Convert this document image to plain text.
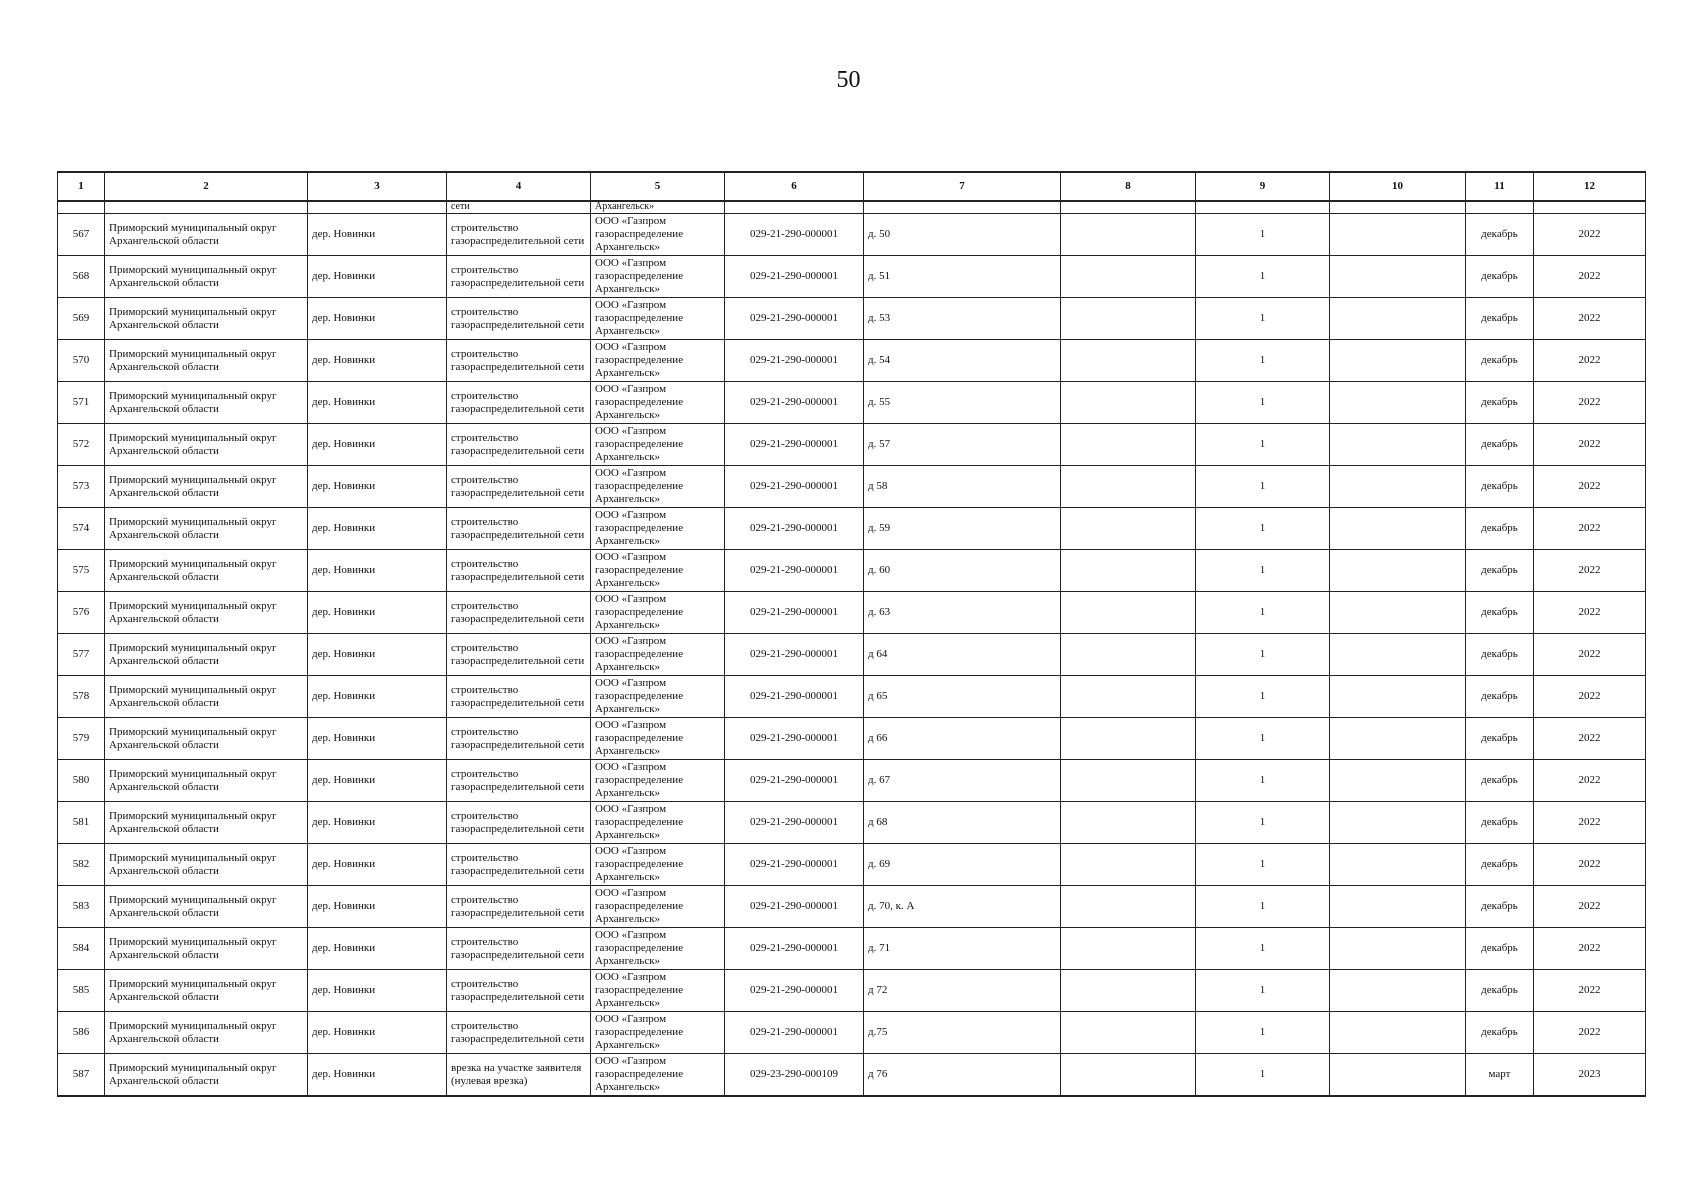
50
1	2	3	4	5	6	7	8	9	10	11	12
			сети	Архангельск»							
567	Приморский муниципальный округ Архангельской области	дер. Новинки	строительство газораспределительной сети	ООО «Газпром газораспределение Архангельск»	029-21-290-000001	д. 50		1		декабрь	2022
568	Приморский муниципальный округ Архангельской области	дер. Новинки	строительство газораспределительной сети	ООО «Газпром газораспределение Архангельск»	029-21-290-000001	д. 51		1		декабрь	2022
569	Приморский муниципальный округ Архангельской области	дер. Новинки	строительство газораспределительной сети	ООО «Газпром газораспределение Архангельск»	029-21-290-000001	д. 53		1		декабрь	2022
570	Приморский муниципальный округ Архангельской области	дер. Новинки	строительство газораспределительной сети	ООО «Газпром газораспределение Архангельск»	029-21-290-000001	д. 54		1		декабрь	2022
571	Приморский муниципальный округ Архангельской области	дер. Новинки	строительство газораспределительной сети	ООО «Газпром газораспределение Архангельск»	029-21-290-000001	д. 55		1		декабрь	2022
572	Приморский муниципальный округ Архангельской области	дер. Новинки	строительство газораспределительной сети	ООО «Газпром газораспределение Архангельск»	029-21-290-000001	д. 57		1		декабрь	2022
573	Приморский муниципальный округ Архангельской области	дер. Новинки	строительство газораспределительной сети	ООО «Газпром газораспределение Архангельск»	029-21-290-000001	д 58		1		декабрь	2022
574	Приморский муниципальный округ Архангельской области	дер. Новинки	строительство газораспределительной сети	ООО «Газпром газораспределение Архангельск»	029-21-290-000001	д. 59		1		декабрь	2022
575	Приморский муниципальный округ Архангельской области	дер. Новинки	строительство газораспределительной сети	ООО «Газпром газораспределение Архангельск»	029-21-290-000001	д. 60		1		декабрь	2022
576	Приморский муниципальный округ Архангельской области	дер. Новинки	строительство газораспределительной сети	ООО «Газпром газораспределение Архангельск»	029-21-290-000001	д. 63		1		декабрь	2022
577	Приморский муниципальный округ Архангельской области	дер. Новинки	строительство газораспределительной сети	ООО «Газпром газораспределение Архангельск»	029-21-290-000001	д 64		1		декабрь	2022
578	Приморский муниципальный округ Архангельской области	дер. Новинки	строительство газораспределительной сети	ООО «Газпром газораспределение Архангельск»	029-21-290-000001	д 65		1		декабрь	2022
579	Приморский муниципальный округ Архангельской области	дер. Новинки	строительство газораспределительной сети	ООО «Газпром газораспределение Архангельск»	029-21-290-000001	д 66		1		декабрь	2022
580	Приморский муниципальный округ Архангельской области	дер. Новинки	строительство газораспределительной сети	ООО «Газпром газораспределение Архангельск»	029-21-290-000001	д. 67		1		декабрь	2022
581	Приморский муниципальный округ Архангельской области	дер. Новинки	строительство газораспределительной сети	ООО «Газпром газораспределение Архангельск»	029-21-290-000001	д 68		1		декабрь	2022
582	Приморский муниципальный округ Архангельской области	дер. Новинки	строительство газораспределительной сети	ООО «Газпром газораспределение Архангельск»	029-21-290-000001	д. 69		1		декабрь	2022
583	Приморский муниципальный округ Архангельской области	дер. Новинки	строительство газораспределительной сети	ООО «Газпром газораспределение Архангельск»	029-21-290-000001	д. 70, к. А		1		декабрь	2022
584	Приморский муниципальный округ Архангельской области	дер. Новинки	строительство газораспределительной сети	ООО «Газпром газораспределение Архангельск»	029-21-290-000001	д. 71		1		декабрь	2022
585	Приморский муниципальный округ Архангельской области	дер. Новинки	строительство газораспределительной сети	ООО «Газпром газораспределение Архангельск»	029-21-290-000001	д 72		1		декабрь	2022
586	Приморский муниципальный округ Архангельской области	дер. Новинки	строительство газораспределительной сети	ООО «Газпром газораспределение Архангельск»	029-21-290-000001	д.75		1		декабрь	2022
587	Приморский муниципальный округ Архангельской области	дер. Новинки	врезка на участке заявителя (нулевая врезка)	ООО «Газпром газораспределение Архангельск»	029-23-290-000109	д 76		1		март	2023
